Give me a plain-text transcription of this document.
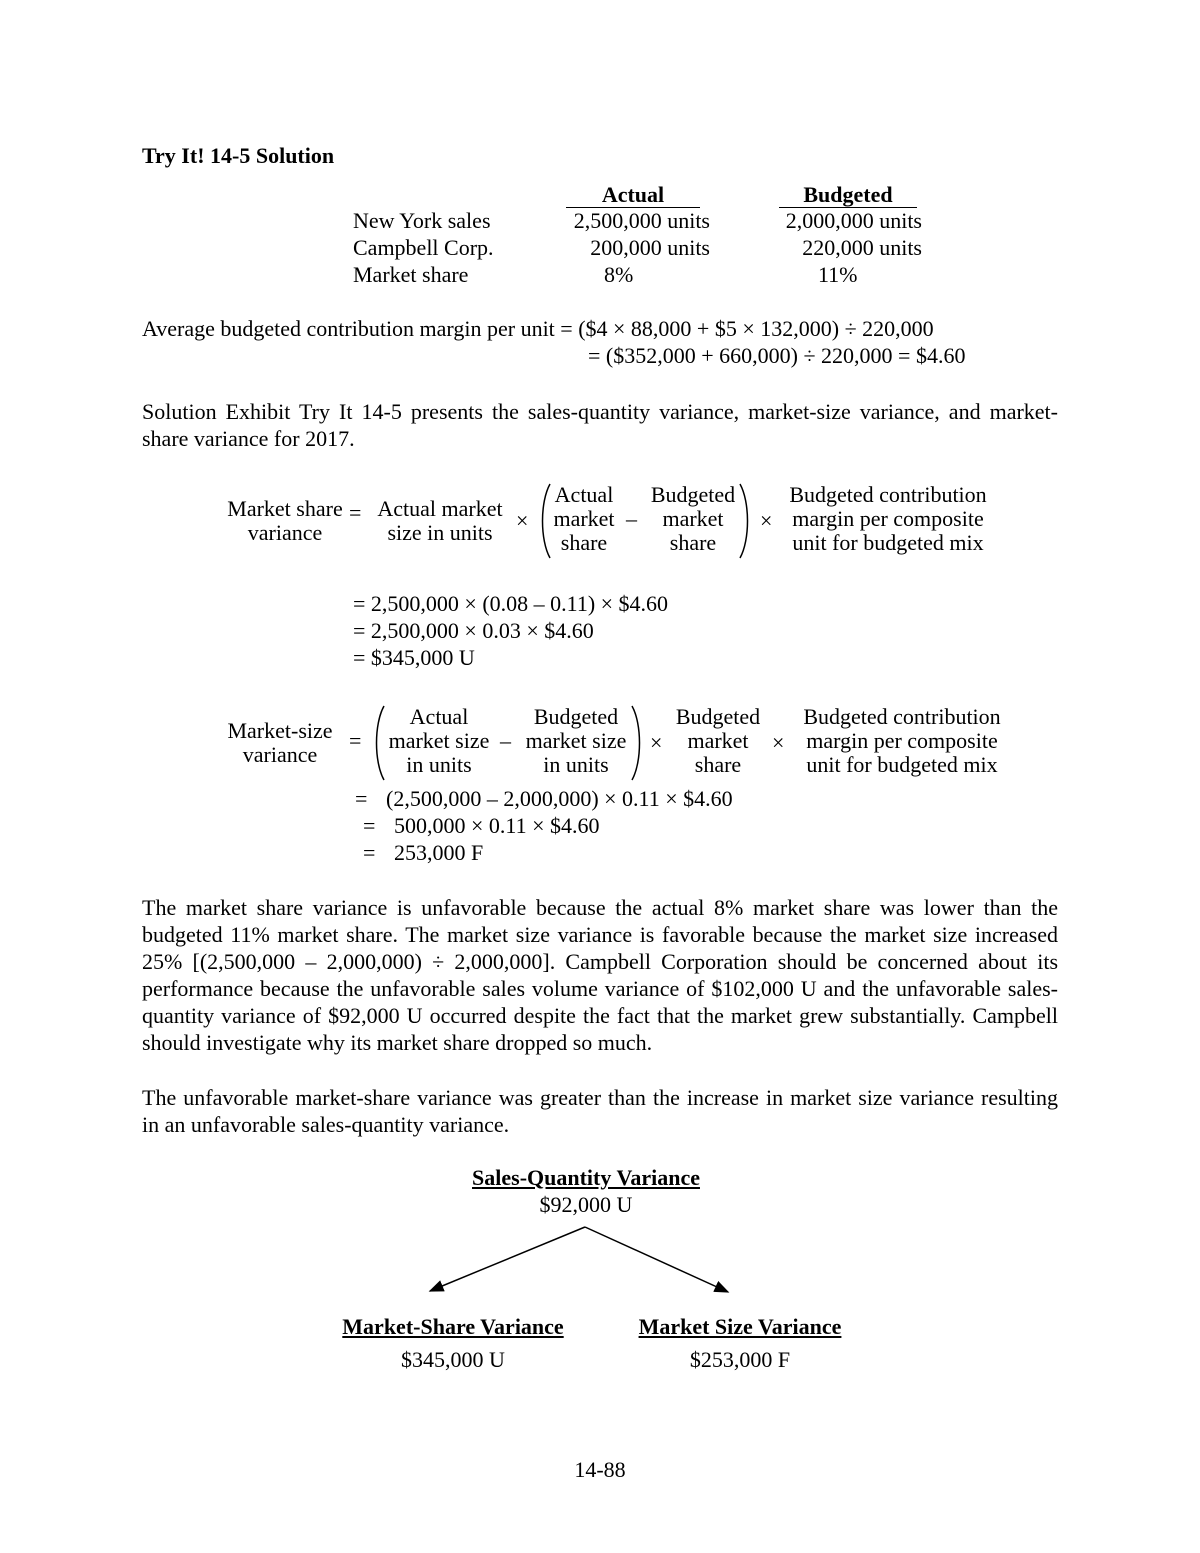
Try It! 14-5 Solution
Actual	Budgeted
New York sales	2,500,000 units	2,000,000 units
Campbell Corp.	200,000 units	220,000 units
Market share	8%	11%
Average budgeted contribution margin per unit = ($4 × 88,000 + $5 × 132,000) ÷ 220,000
= ($352,000 + 660,000) ÷ 220,000 = $4.60
Solution Exhibit Try It 14-5 presents the sales-quantity variance, market-size variance, and market-share variance for 2017.
Market share
variance
= Actual market
size in units	×
Actual
market
share
–
Budgeted
market
share
×
Budgeted contribution
margin per composite
unit for budgeted mix
= 2,500,000 × (0.08 – 0.11) × $4.60
= 2,500,000 × 0.03 × $4.60
= $345,000 U
Market-size
variance
=
Actual
market size
in units
–
Budgeted
market size
in units
×
Budgeted
market
share
×
Budgeted contribution
margin per composite
unit for budgeted mix
= (2,500,000 – 2,000,000) × 0.11 × $4.60
= 500,000 × 0.11 × $4.60
= 253,000 F
The market share variance is unfavorable because the actual 8% market share was lower than the budgeted 11% market share. The market size variance is favorable because the market size increased 25% [(2,500,000 – 2,000,000) ÷ 2,000,000]. Campbell Corporation should be concerned about its performance because the unfavorable sales volume variance of $102,000 U and the unfavorable sales-quantity variance of $92,000 U occurred despite the fact that the market grew substantially. Campbell should investigate why its market share dropped so much.
The unfavorable market-share variance was greater than the increase in market size variance resulting in an unfavorable sales-quantity variance.
Sales-Quantity Variance
$92,000 U
Market-Share Variance
$345,000 U
Market Size Variance
$253,000 F
14-88
